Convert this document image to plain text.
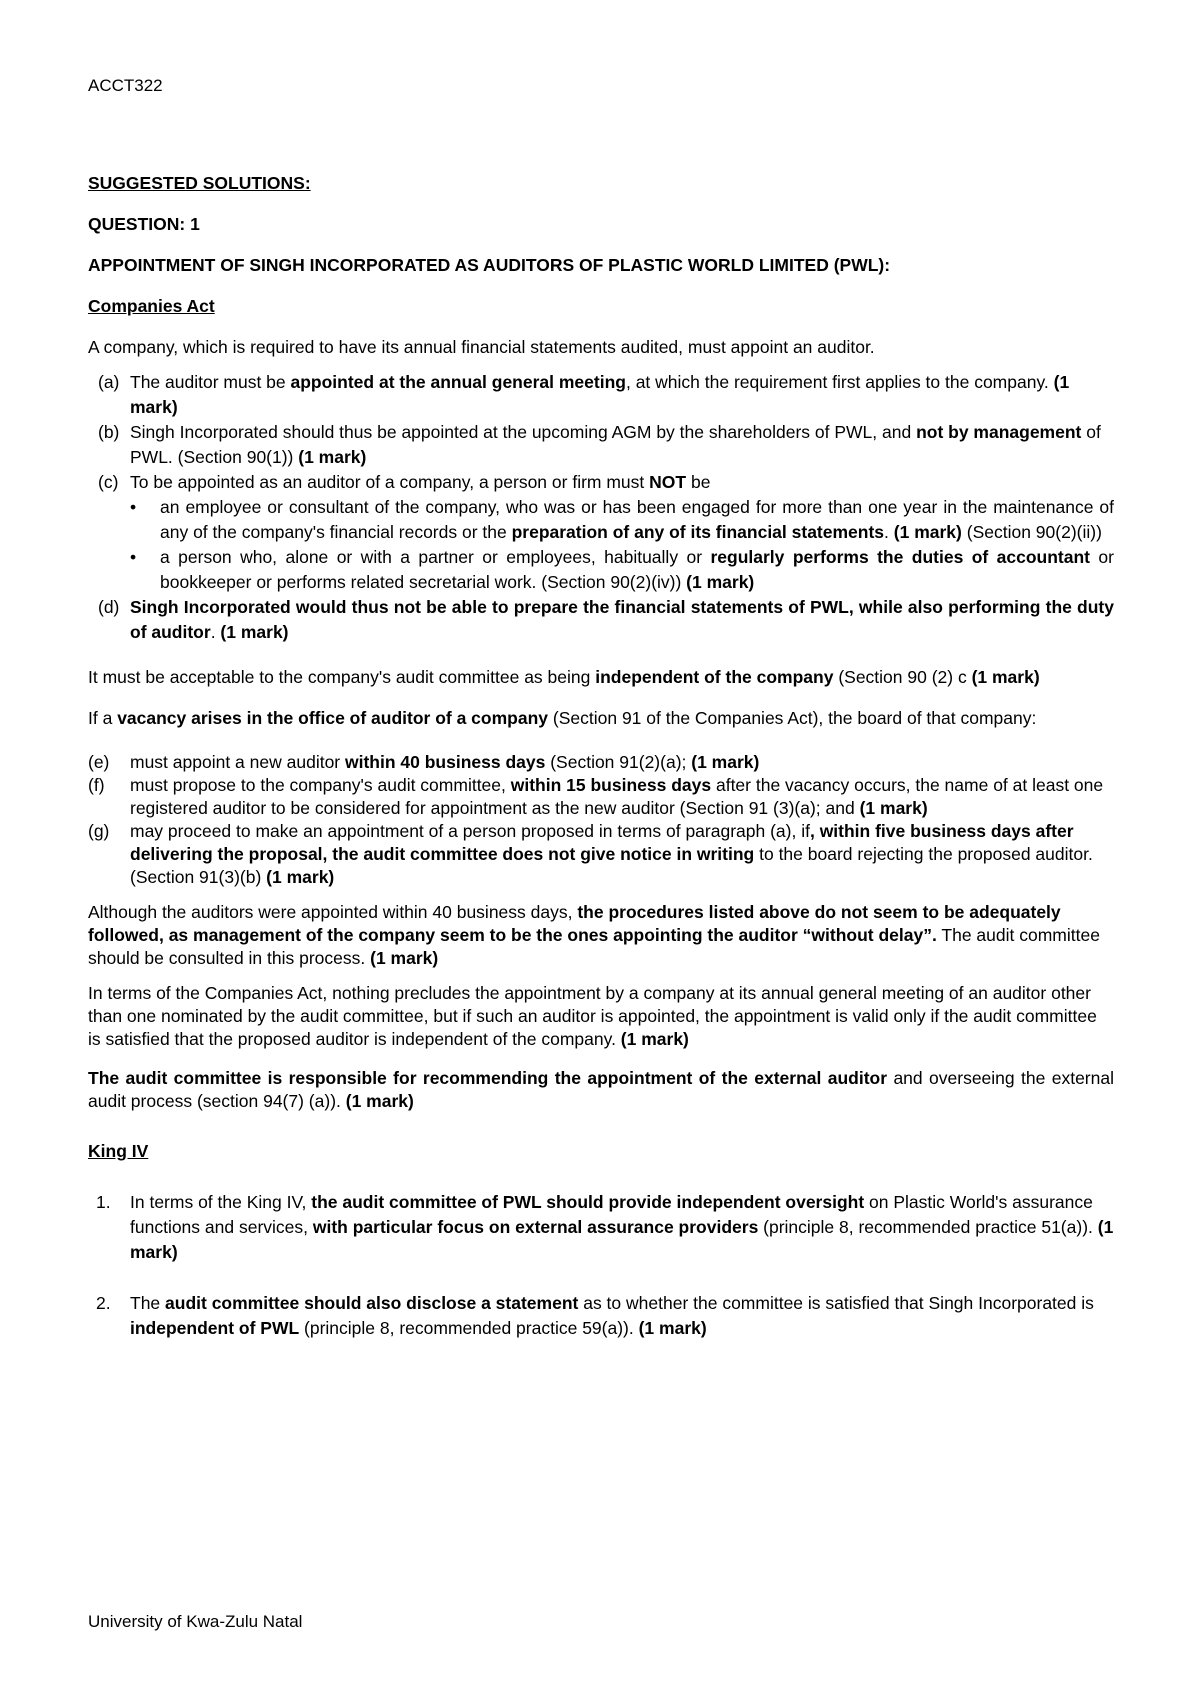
ACCT322

SUGGESTED SOLUTIONS:

QUESTION: 1

APPOINTMENT OF SINGH INCORPORATED AS AUDITORS OF PLASTIC WORLD LIMITED (PWL):

Companies Act

A company, which is required to have its annual financial statements audited, must appoint an auditor.

(a) The auditor must be appointed at the annual general meeting, at which the requirement first applies to the company. (1 mark)
(b) Singh Incorporated should thus be appointed at the upcoming AGM by the shareholders of PWL, and not by management of PWL. (Section 90(1)) (1 mark)
(c) To be appointed as an auditor of a company, a person or firm must NOT be
• an employee or consultant of the company, who was or has been engaged for more than one year in the maintenance of any of the company's financial records or the preparation of any of its financial statements. (1 mark) (Section 90(2)(ii))
• a person who, alone or with a partner or employees, habitually or regularly performs the duties of accountant or bookkeeper or performs related secretarial work. (Section 90(2)(iv)) (1 mark)
(d) Singh Incorporated would thus not be able to prepare the financial statements of PWL, while also performing the duty of auditor. (1 mark)

It must be acceptable to the company's audit committee as being independent of the company (Section 90 (2) c (1 mark)

If a vacancy arises in the office of auditor of a company (Section 91 of the Companies Act), the board of that company:

(e) must appoint a new auditor within 40 business days (Section 91(2)(a); (1 mark)
(f) must propose to the company's audit committee, within 15 business days after the vacancy occurs, the name of at least one registered auditor to be considered for appointment as the new auditor (Section 91 (3)(a); and (1 mark)
(g) may proceed to make an appointment of a person proposed in terms of paragraph (a), if, within five business days after delivering the proposal, the audit committee does not give notice in writing to the board rejecting the proposed auditor. (Section 91(3)(b) (1 mark)

Although the auditors were appointed within 40 business days, the procedures listed above do not seem to be adequately followed, as management of the company seem to be the ones appointing the auditor “without delay”. The audit committee should be consulted in this process. (1 mark)

In terms of the Companies Act, nothing precludes the appointment by a company at its annual general meeting of an auditor other than one nominated by the audit committee, but if such an auditor is appointed, the appointment is valid only if the audit committee is satisfied that the proposed auditor is independent of the company. (1 mark)

The audit committee is responsible for recommending the appointment of the external auditor and overseeing the external audit process (section 94(7) (a)). (1 mark)

King IV

1. In terms of the King IV, the audit committee of PWL should provide independent oversight on Plastic World's assurance functions and services, with particular focus on external assurance providers (principle 8, recommended practice 51(a)). (1 mark)
2. The audit committee should also disclose a statement as to whether the committee is satisfied that Singh Incorporated is independent of PWL (principle 8, recommended practice 59(a)). (1 mark)
University of Kwa-Zulu Natal
